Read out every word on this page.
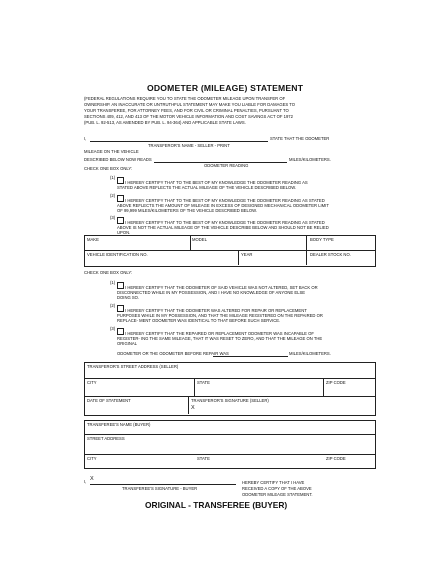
ODOMETER (MILEAGE) STATEMENT
(FEDERAL REGULATIONS REQUIRE YOU TO STATE THE ODOMETER MILEAGE UPON TRANSFER OF
OWNERSHIP. AN INACCURATE OR UNTRUTHFUL STATEMENT MAY MAKE YOU LIABLE FOR DAMAGES TO
YOUR TRANSFEREE, FOR ATTORNEY FEES, AND FOR CIVIL OR CRIMINAL PENALTIES, PURSUANT TO
SECTIONS 409, 412, AND 413 OF THE MOTOR VEHICLE INFORMATION AND COST SAVINGS ACT OF 1972
(PUB. L. 92-513, AS AMENDED BY PUB. L. 94-364) AND APPLICABLE STATE LAWS.
I,	STATE THAT THE ODOMETER
TRANSFEROR'S NAME - SELLER - PRINT
MILEAGE ON THE VEHICLE
DESCRIBED BELOW NOW READS	MILES/KILOMETERS.
ODOMETER READING
CHECK ONE BOX ONLY:
(1)
I HEREBY CERTIFY THAT TO THE BEST OF MY KNOWLEDGE THE ODOMETER READING AS
STATED ABOVE REFLECTS THE ACTUAL MILEAGE OF THE VEHICLE DESCRIBED BELOW.
(2)
I HEREBY CERTIFY THAT TO THE BEST OF MY KNOWLEDGE THE ODOMETER READING AS STATED
ABOVE REFLECTS THE AMOUNT OF MILEAGE IN EXCESS OF DESIGNED MECHANICAL ODOMETER LIMIT
OF 99,999 MILES/KILOMETERS OF THE VEHICLE DESCRIBED BELOW.
(3)
I HEREBY CERTIFY THAT TO THE BEST OF MY KNOWLEDGE THE ODOMETER READING AS STATED
ABOVE IS NOT THE ACTUAL MILEAGE OF THE VEHICLE DESCRIBE BELOW AND SHOULD NOT BE RELIED
UPON.
MAKE	MODEL	BODY TYPE
VEHICLE IDENTIFICATION NO.	YEAR	DEALER STOCK NO.
CHECK ONE BOX ONLY:
(1)
I HEREBY CERTIFY THAT THE ODOMETER OF SAID VEHICLE WAS NOT ALTERED, SET BACK OR
DISCONNECTED WHILE IN MY POSSESSION, AND I HAVE NO KNOWLEDGE OF ANYONE ELSE
DOING SO.
(2)
I HEREBY CERTIFY THAT THE ODOMETER WAS ALTERED FOR REPAIR OR REPLACEMENT
PURPOSES WHILE IN MY POSSESSION, AND THAT THE MILEAGE REGISTERED ON THE REPAIRED OR
REPLACE- MENT ODOMETER WAS IDENTICAL TO THAT BEFORE SUCH SERVICE.
(3)
I HEREBY CERTIFY THAT THE REPAIRED OR REPLACEMENT ODOMETER WAS INCAPABLE OF
REGISTER- ING THE SAME MILEAGE, THAT IT WAS RESET TO ZERO, AND THAT THE MILEAGE ON THE
ORIGINAL
ODOMETER OR THE ODOMETER BEFORE REPAIR WAS	MILES/KILOMETERS.
TRANSFEROR'S STREET ADDRESS (SELLER)
CITY	STATE	ZIP CODE
DATE OF STATEMENT	TRANSFEROR'S SIGNATURE (SELLER)
X
TRANSFEREE'S NAME (BUYER)
STREET ADDRESS
CITY	STATE	ZIP CODE
I, X
TRANSFEREE'S SIGNATURE - BUYER
HEREBY CERTIFY THAT I HAVE
RECEIVED A COPY OF THE ABOVE
ODOMETER MILEAGE STATEMENT.
ORIGINAL - TRANSFEREE (BUYER)
